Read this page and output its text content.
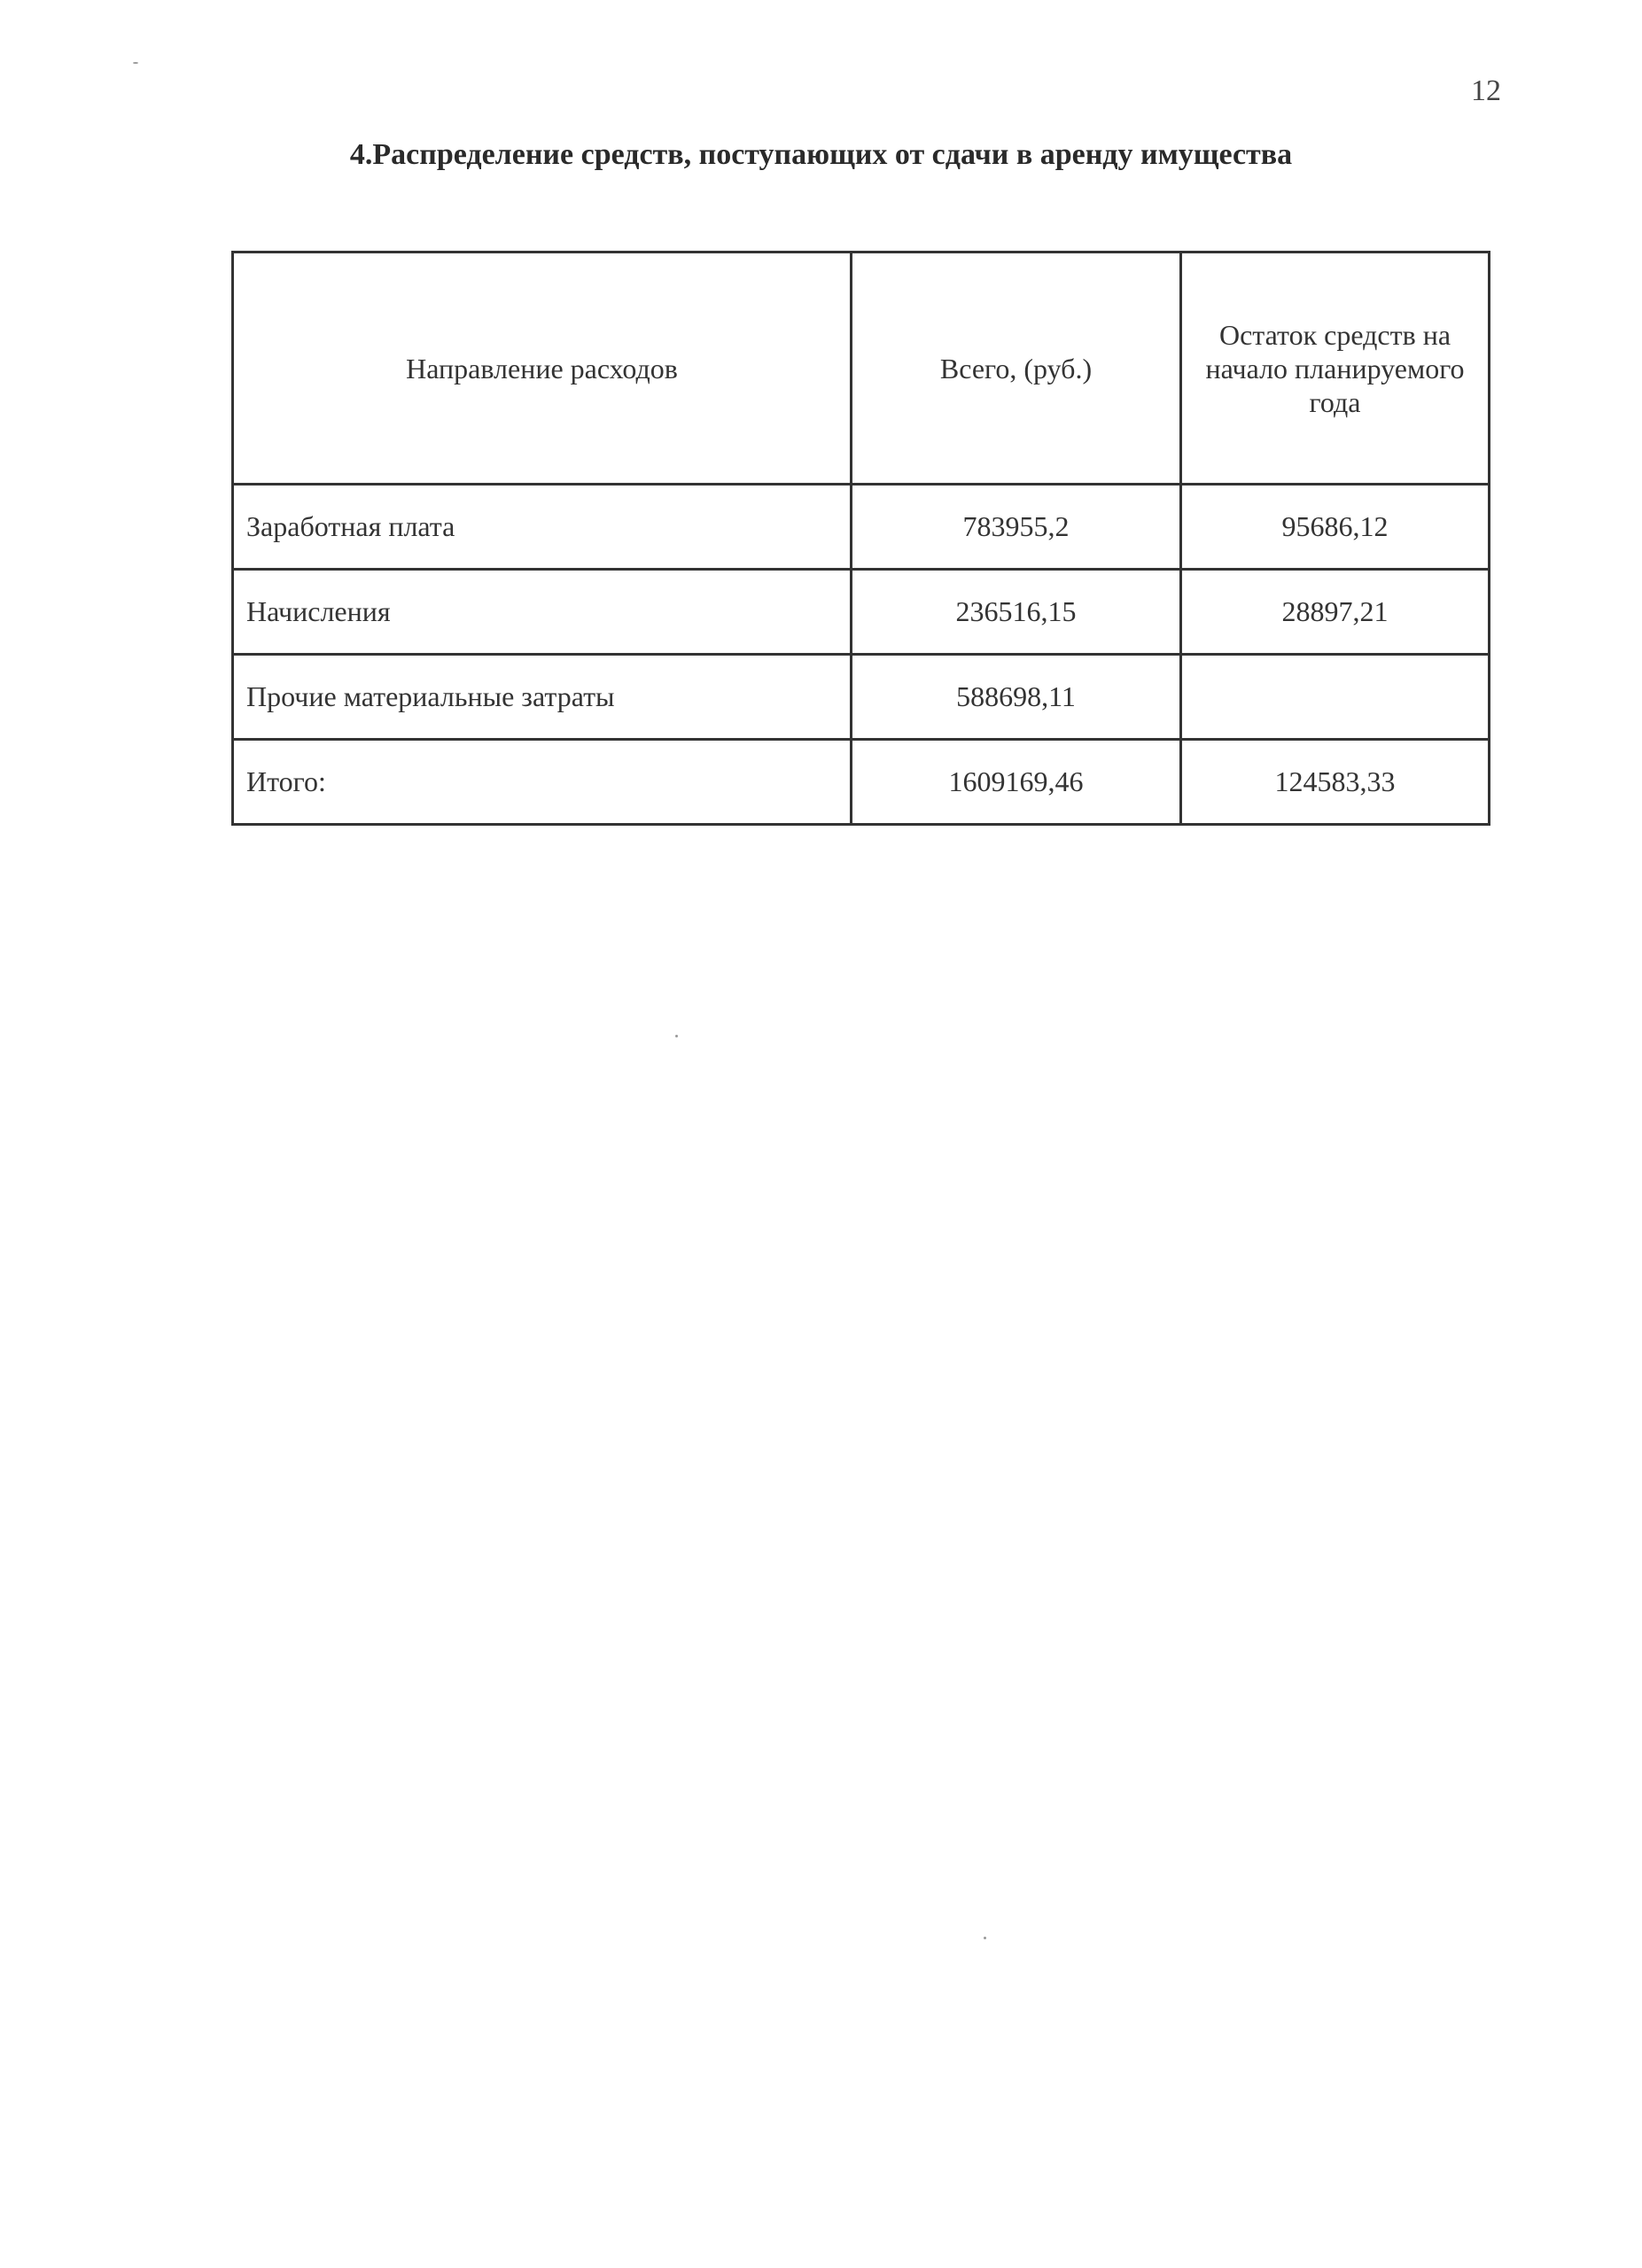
12
4.Распределение средств, поступающих от сдачи в аренду имущества
Направление расходов	Всего, (руб.)	Остаток средств на начало планируемого года
Заработная плата	783955,2	95686,12
Начисления	236516,15	28897,21
Прочие материальные затраты	588698,11	
Итого:	1609169,46	124583,33
